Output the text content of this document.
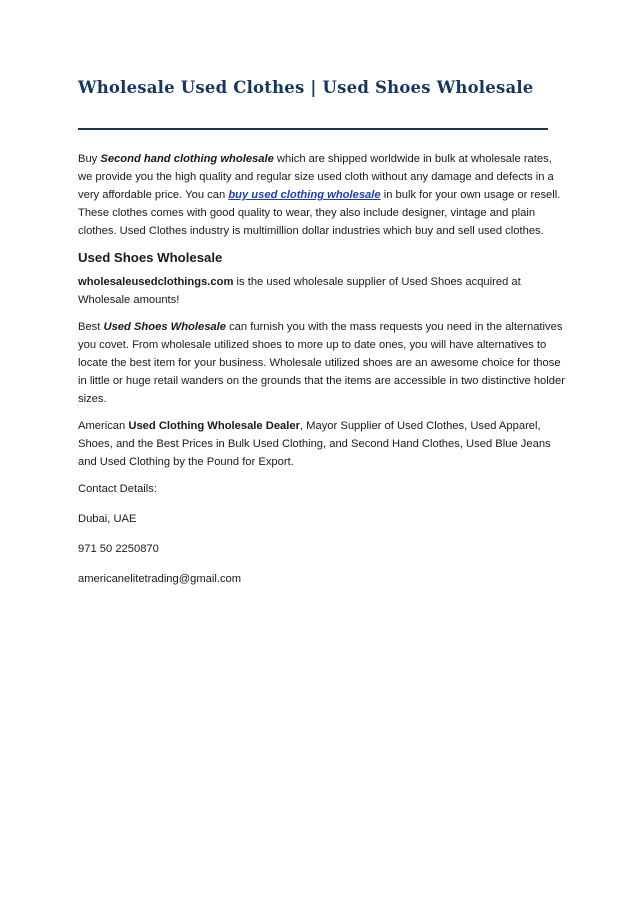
Wholesale Used Clothes | Used Shoes Wholesale

Buy Second hand clothing wholesale which are shipped worldwide in bulk at wholesale rates, we provide you the high quality and regular size used cloth without any damage and defects in a very affordable price. You can buy used clothing wholesale in bulk for your own usage or resell. These clothes comes with good quality to wear, they also include designer, vintage and plain clothes. Used Clothes industry is multimillion dollar industries which buy and sell used clothes.

Used Shoes Wholesale

wholesaleusedclothings.com is the used wholesale supplier of Used Shoes acquired at Wholesale amounts!

Best Used Shoes Wholesale can furnish you with the mass requests you need in the alternatives you covet. From wholesale utilized shoes to more up to date ones, you will have alternatives to locate the best item for your business. Wholesale utilized shoes are an awesome choice for those in little or huge retail wanders on the grounds that the items are accessible in two distinctive holder sizes.

American Used Clothing Wholesale Dealer, Mayor Supplier of Used Clothes, Used Apparel, Shoes, and the Best Prices in Bulk Used Clothing, and Second Hand Clothes, Used Blue Jeans and Used Clothing by the Pound for Export.

Contact Details:

Dubai, UAE

971 50 2250870

americanelitetrading@gmail.com
